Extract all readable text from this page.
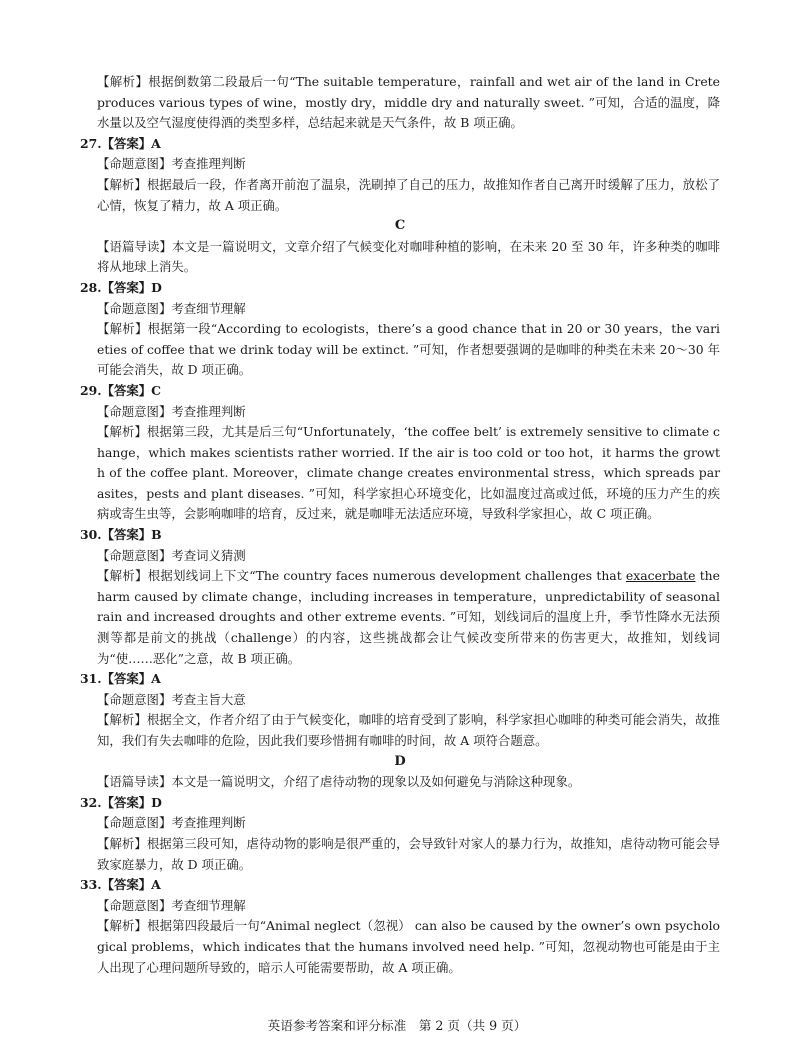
【解析】根据倒数第二段最后一句“The suitable temperature，rainfall and wet air of the land in Crete produces various types of wine，mostly dry，middle dry and naturally sweet. ”可知，合适的温度，降水量以及空气湿度使得酒的类型多样，总结起来就是天气条件，故 B 项正确。

27.【答案】A

【命题意图】考查推理判断

【解析】根据最后一段，作者离开前泡了温泉，洗刷掉了自己的压力，故推知作者自己离开时缓解了压力，放松了心情，恢复了精力，故 A 项正确。

C

【语篇导读】本文是一篇说明文，文章介绍了气候变化对咖啡种植的影响，在未来 20 至 30 年，许多种类的咖啡将从地球上消失。

28.【答案】D

【命题意图】考查细节理解

【解析】根据第一段“According to ecologists，there’s a good chance that in 20 or 30 years，the varieties of coffee that we drink today will be extinct. ”可知，作者想要强调的是咖啡的种类在未来 20～30 年可能会消失，故 D 项正确。

29.【答案】C

【命题意图】考查推理判断

【解析】根据第三段，尤其是后三句“Unfortunately，‘the coffee belt’ is extremely sensitive to climate change，which makes scientists rather worried. If the air is too cold or too hot，it harms the growth of the coffee plant. Moreover，climate change creates environmental stress，which spreads parasites，pests and plant diseases. ”可知，科学家担心环境变化，比如温度过高或过低，环境的压力产生的疾病或寄生虫等，会影响咖啡的培育，反过来，就是咖啡无法适应环境，导致科学家担心，故 C 项正确。

30.【答案】B

【命题意图】考查词义猜测

【解析】根据划线词上下文“The country faces numerous development challenges that exacerbate the harm caused by climate change，including increases in temperature，unpredictability of seasonal rain and increased droughts and other extreme events. ”可知，划线词后的温度上升，季节性降水无法预测等都是前文的挑战（challenge）的内容，这些挑战都会让气候改变所带来的伤害更大，故推知，划线词为“使……恶化”之意，故 B 项正确。

31.【答案】A

【命题意图】考查主旨大意

【解析】根据全文，作者介绍了由于气候变化，咖啡的培育受到了影响，科学家担心咖啡的种类可能会消失，故推知，我们有失去咖啡的危险，因此我们要珍惜拥有咖啡的时间，故 A 项符合题意。

D

【语篇导读】本文是一篇说明文，介绍了虐待动物的现象以及如何避免与消除这种现象。

32.【答案】D

【命题意图】考查推理判断

【解析】根据第三段可知，虐待动物的影响是很严重的，会导致针对家人的暴力行为，故推知，虐待动物可能会导致家庭暴力，故 D 项正确。

33.【答案】A

【命题意图】考查细节理解

【解析】根据第四段最后一句“Animal neglect（忽视） can also be caused by the owner’s own psychological problems，which indicates that the humans involved need help. ”可知，忽视动物也可能是由于主人出现了心理问题所导致的，暗示人可能需要帮助，故 A 项正确。

英语参考答案和评分标准　第 2 页（共 9 页）
